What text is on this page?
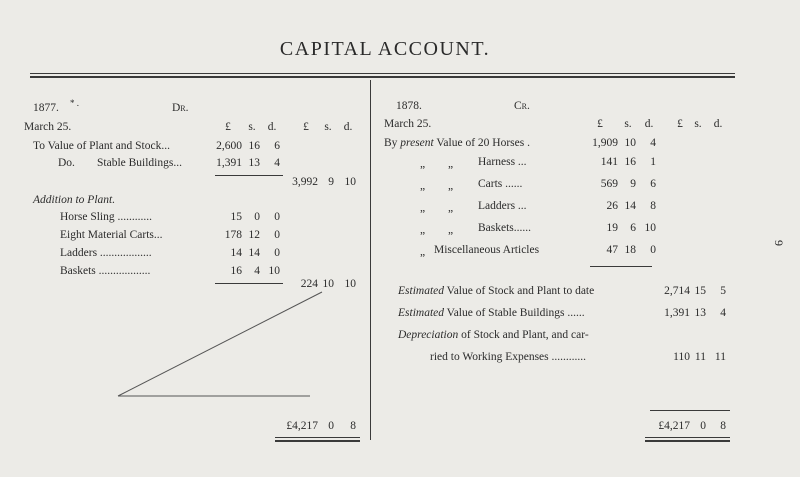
CAPITAL ACCOUNT.
9
1877. * .	Dr.
March 25.	£	s.	d.	£	s.	d.
To Value of Plant and Stock...	2,600 16	6
Do. Stable Buildings...	1,391 13	4
3,992 9 10
Addition to Plant.
Horse Sling ............	15	0	0
Eight Material Carts...	178 12	0
Ladders ..................	14 14	0
Baskets ..................	16	4 10
224 10 10
£4,217 0	8
1878.	Cr.
March 25.	£	s.	d.	£ s.	d.
By present Value of 20 Horses .	1,909 10	4
„ „ Harness ...	141 16	1
„ „ Carts ......	569	9	6
„ „ Ladders ...	26 14	8
„ „ Baskets......	19	6 10
„ Miscellaneous Articles	47 18	0
Estimated Value of Stock and Plant to date	2,714 15	5
Estimated Value of Stable Buildings ......	1,391 13	4
Depreciation of Stock and Plant, and car-
ried to Working Expenses ............	110 11 11
£4,217 0	8
